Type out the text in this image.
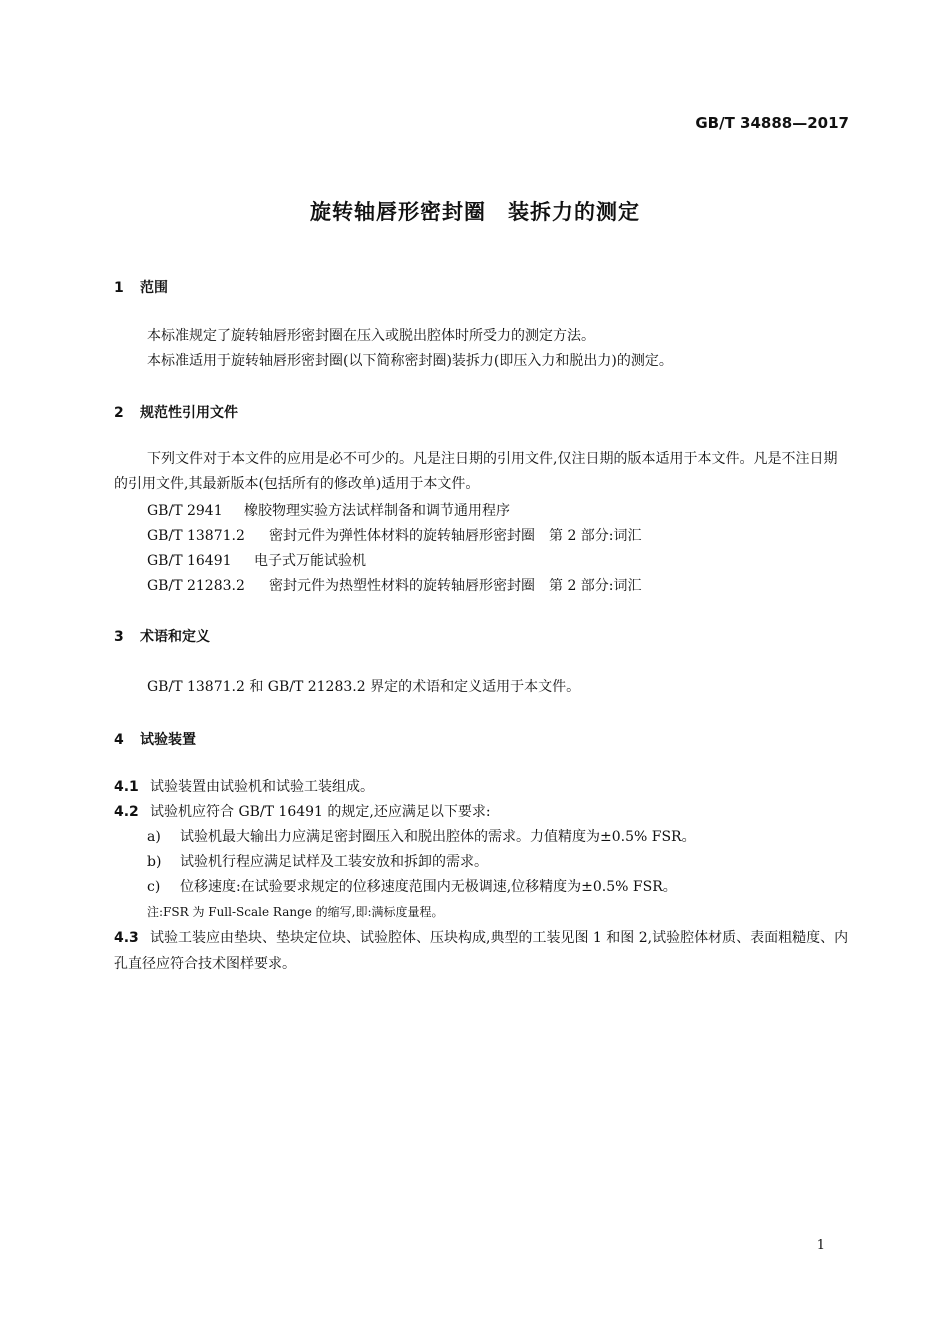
GB/T 34888—2017
旋转轴唇形密封圈　装拆力的测定
1 范围
本标准规定了旋转轴唇形密封圈在压入或脱出腔体时所受力的测定方法。
本标准适用于旋转轴唇形密封圈(以下简称密封圈)装拆力(即压入力和脱出力)的测定。
2 规范性引用文件
下列文件对于本文件的应用是必不可少的。凡是注日期的引用文件,仅注日期的版本适用于本文件。凡是不注日期的引用文件,其最新版本(包括所有的修改单)适用于本文件。
GB/T 2941 橡胶物理实验方法试样制备和调节通用程序
GB/T 13871.2 密封元件为弹性体材料的旋转轴唇形密封圈　第 2 部分:词汇
GB/T 16491 电子式万能试验机
GB/T 21283.2 密封元件为热塑性材料的旋转轴唇形密封圈　第 2 部分:词汇
3 术语和定义
GB/T 13871.2 和 GB/T 21283.2 界定的术语和定义适用于本文件。
4 试验装置
4.1 试验装置由试验机和试验工装组成。
4.2 试验机应符合 GB/T 16491 的规定,还应满足以下要求:
a) 试验机最大输出力应满足密封圈压入和脱出腔体的需求。力值精度为±0.5% FSR。
b) 试验机行程应满足试样及工装安放和拆卸的需求。
c) 位移速度:在试验要求规定的位移速度范围内无极调速,位移精度为±0.5% FSR。
注:FSR 为 Full-Scale Range 的缩写,即:满标度量程。
4.3 试验工装应由垫块、垫块定位块、试验腔体、压块构成,典型的工装见图 1 和图 2,试验腔体材质、表面粗糙度、内孔直径应符合技术图样要求。
1
